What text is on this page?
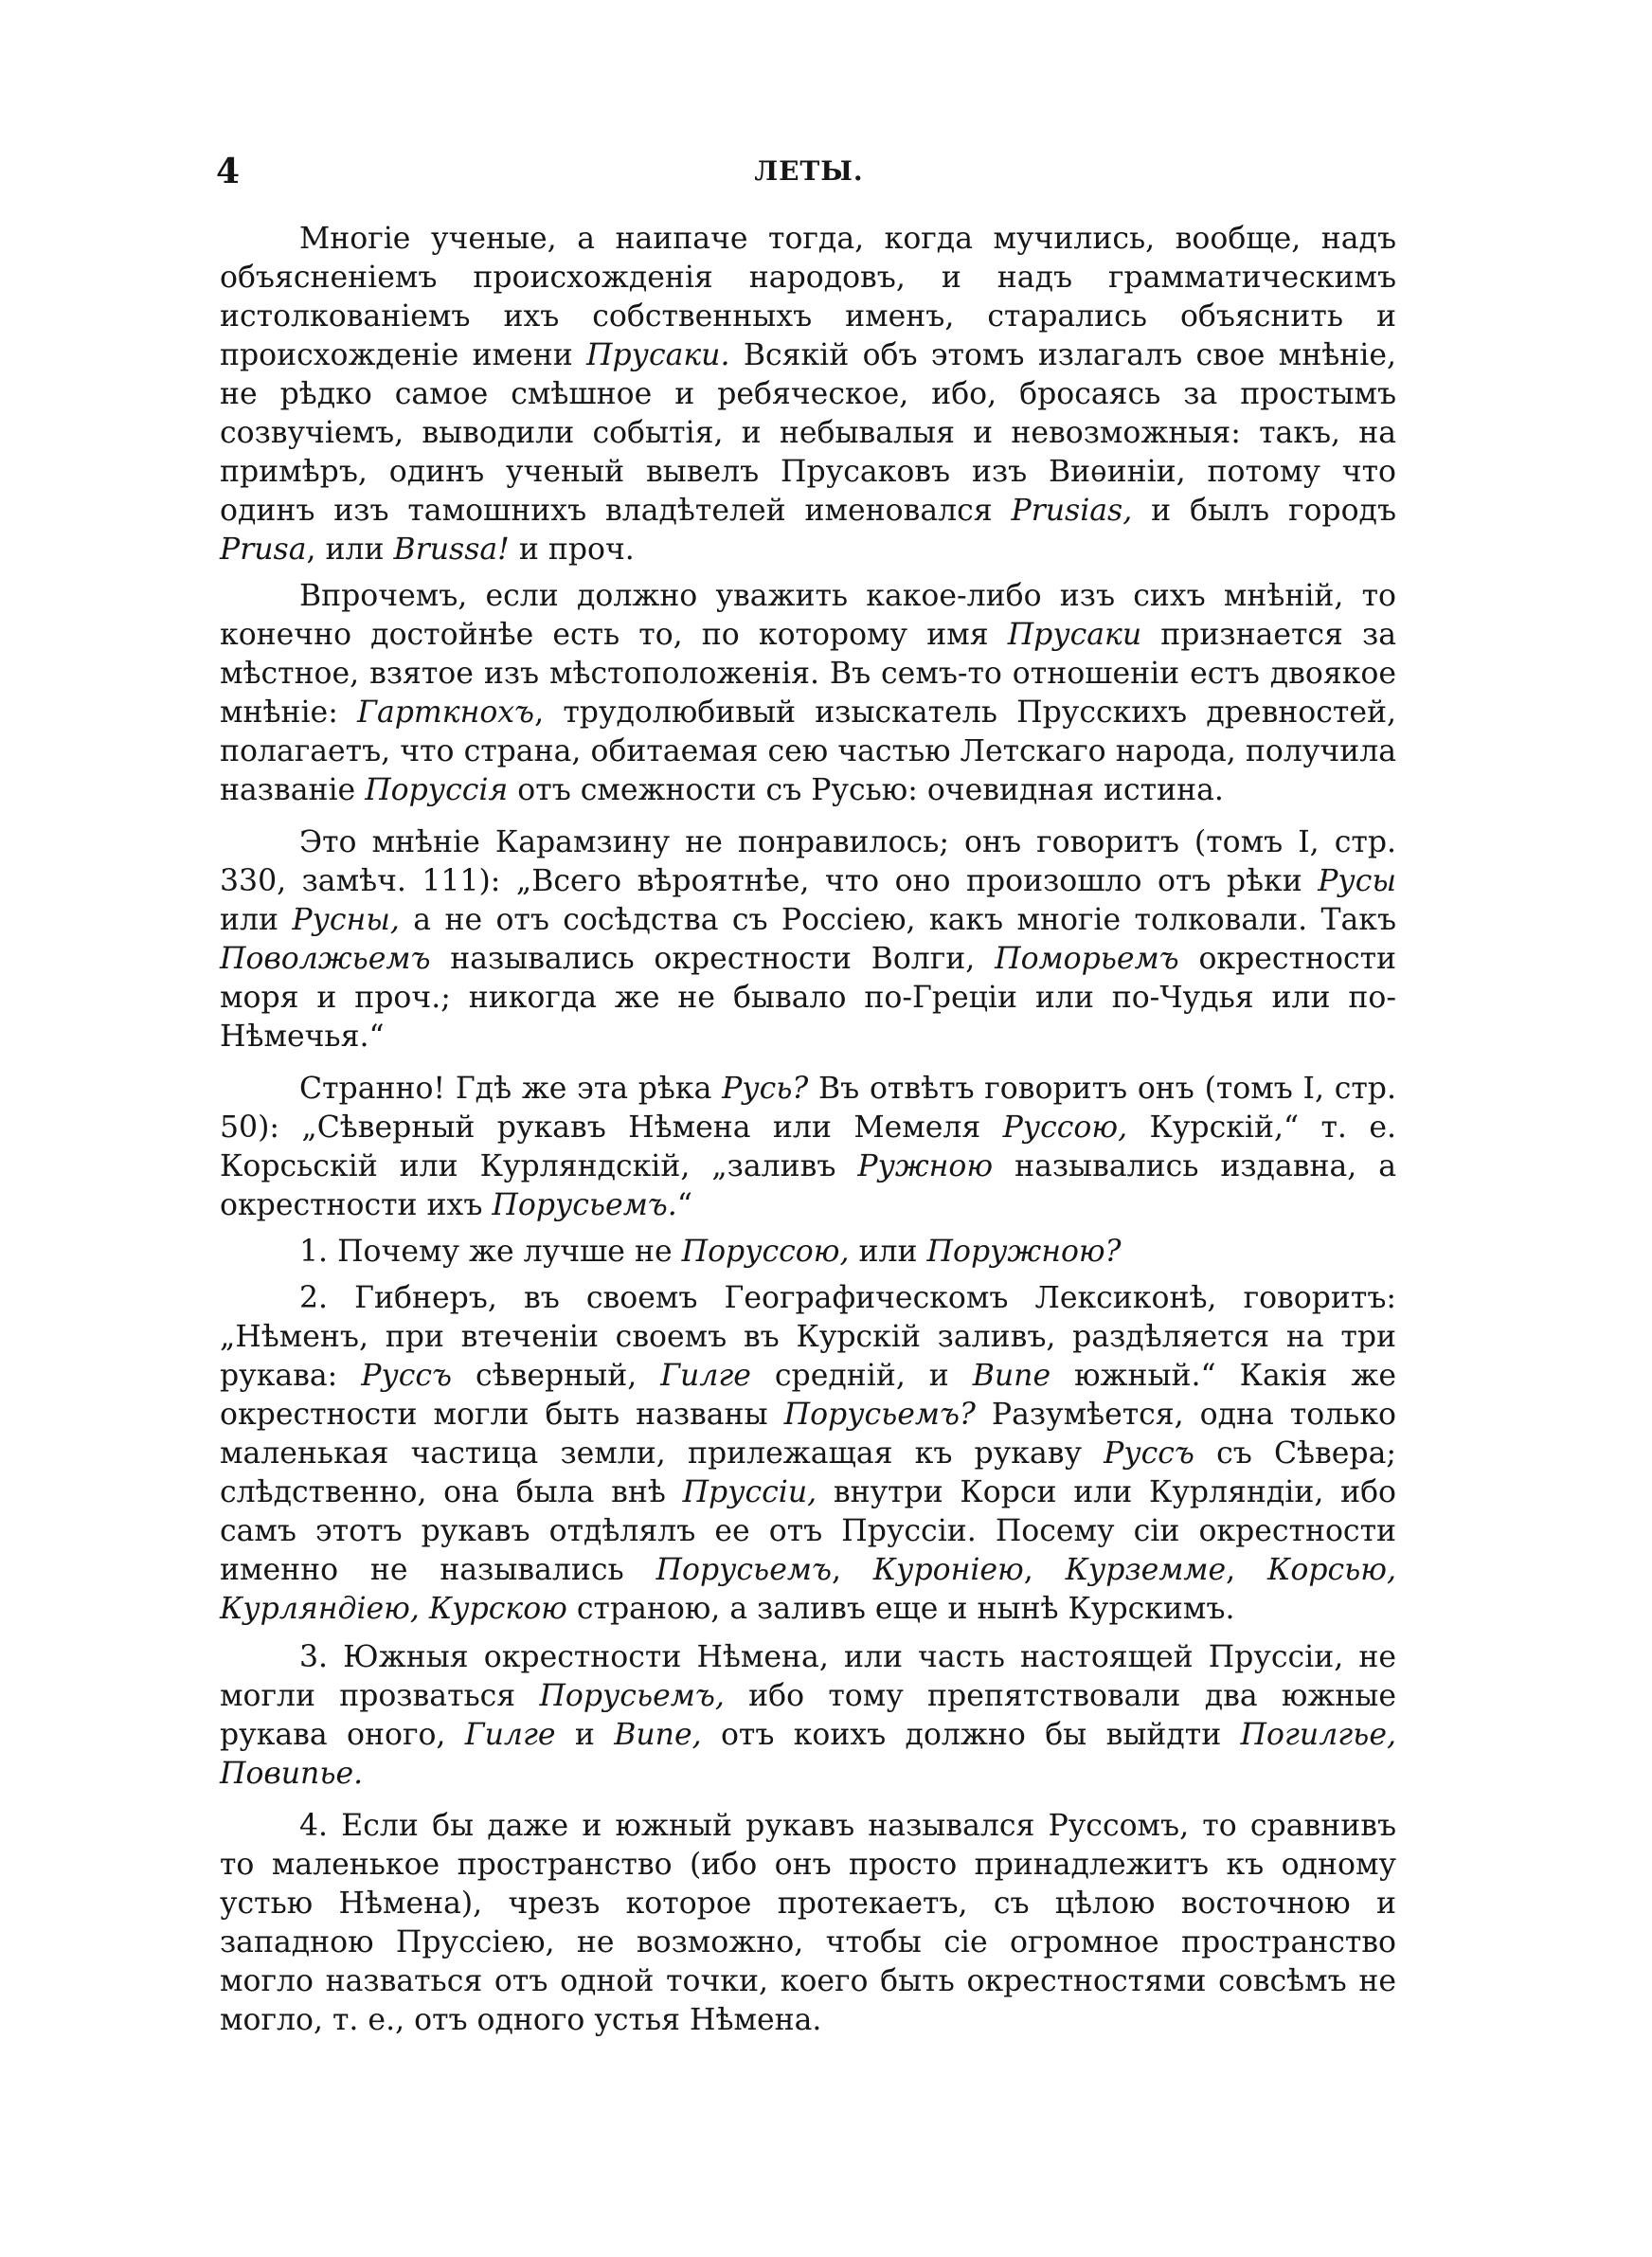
4	ЛЕТЫ.

Многіе ученые, а наипаче тогда, когда мучились, вообще, надъ объясненіемъ происхожденія народовъ, и надъ грамматическимъ истолкованіемъ ихъ собственныхъ именъ, старались объяснить и происхожденіе имени Прусаки. Всякій объ этомъ излагалъ свое мнѣніе, не рѣдко самое смѣшное и ребяческое, ибо, бросаясь за простымъ созвучіемъ, выводили событія, и небывалыя и невозможныя: такъ, на примѣръ, одинъ ученый вывелъ Прусаковъ изъ Виѳиніи, потому что одинъ изъ тамошнихъ владѣтелей именовался Prusias, и былъ городъ Prusa, или Brussa! и проч.

Впрочемъ, если должно уважить какое-либо изъ сихъ мнѣній, то конечно достойнѣе есть то, по которому имя Прусаки признается за мѣстное, взятое изъ мѣстоположенія. Въ семъ-то отношеніи естъ двоякое мнѣніе: Гарткнохъ, трудолюбивый изыскатель Прусскихъ древностей, полагаетъ, что страна, обитаемая сею частью Летскаго народа, получила названіе Поруссія отъ смежности съ Русью: очевидная истина.

Это мнѣніе Карамзину не понравилось; онъ говоритъ (томъ I, стр. 330, замѣч. 111): „Всего вѣроятнѣе, что оно произошло отъ рѣки Русы или Русны, а не отъ сосѣдства съ Россіею, какъ многіе толковали. Такъ Поволжьемъ назывались окрестности Волги, Поморьемъ окрестности моря и проч.; никогда же не бывало по-Греціи или по-Чудья или по-Нѣмечья.“

Странно! Гдѣ же эта рѣка Русь? Въ отвѣтъ говоритъ онъ (томъ I, стр. 50): „Сѣверный рукавъ Нѣмена или Мемеля Руссою, Курскій,“ т. е. Корсьскій или Курляндскій, „заливъ Ружною назывались издавна, а окрестности ихъ Порусьемъ.“

1. Почему же лучше не Поруссою, или Поружною?

2. Гибнеръ, въ своемъ Географическомъ Лексиконѣ, говоритъ: „Нѣменъ, при втеченіи своемъ въ Курскій заливъ, раздѣляется на три рукава: Руссъ сѣверный, Гилге средній, и Випе южный.“ Какія же окрестности могли быть названы Порусьемъ? Разумѣется, одна только маленькая частица земли, прилежащая къ рукаву Руссъ съ Сѣвера; слѣдственно, она была внѣ Пруссіи, внутри Корси или Курляндіи, ибо самъ этотъ рукавъ отдѣлялъ ее отъ Пруссіи. Посему сіи окрестности именно не назывались Порусьемъ, Куроніею, Курземме, Корсью, Курляндіею, Курскою страною, а заливъ еще и нынѣ Курскимъ.

3. Южныя окрестности Нѣмена, или часть настоящей Пруссіи, не могли прозваться Порусьемъ, ибо тому препятствовали два южные рукава оного, Гилге и Випе, отъ коихъ должно бы выйдти Погилгье, Повипье.

4. Если бы даже и южный рукавъ назывался Руссомъ, то сравнивъ то маленькое пространство (ибо онъ просто принадлежитъ къ одному устью Нѣмена), чрезъ которое протекаетъ, съ цѣлою восточною и западною Пруссіею, не возможно, чтобы сіе огромное пространство могло назваться отъ одной точки, коего быть окрестностями совсѣмъ не могло, т. е., отъ одного устья Нѣмена.
